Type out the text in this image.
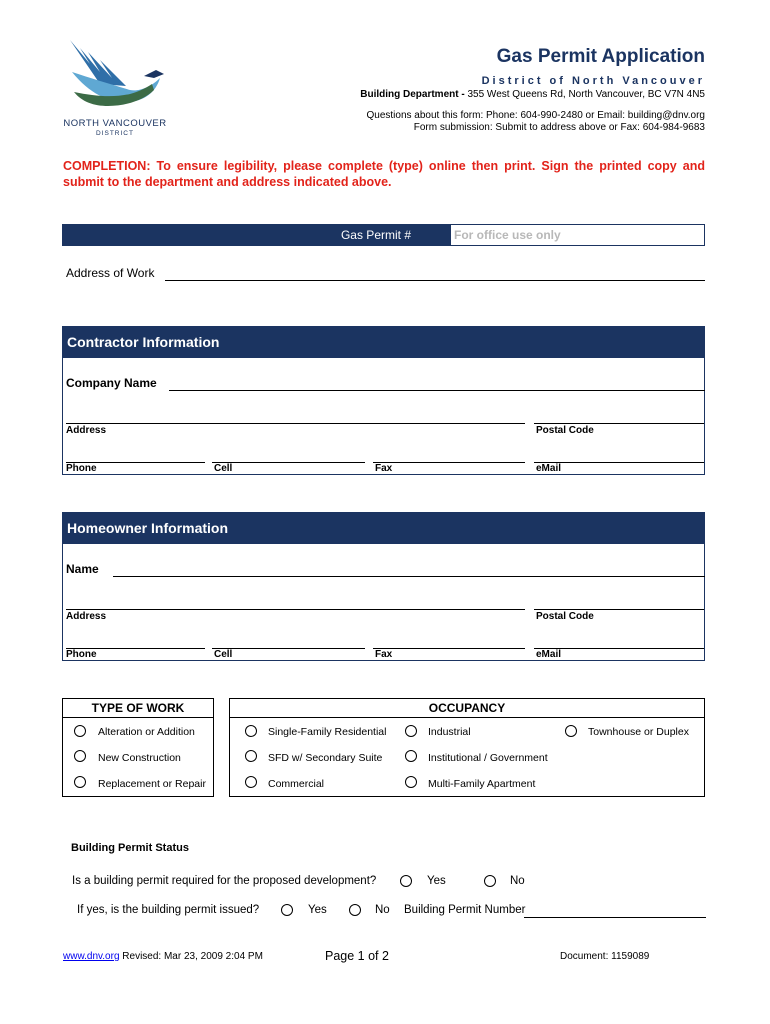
NORTH VANCOUVER
DISTRICT
Gas Permit Application
District of North Vancouver
Building Department - 355 West Queens Rd, North Vancouver, BC V7N 4N5
Questions about this form: Phone: 604-990-2480 or Email: building@dnv.org
Form submission: Submit to address above or Fax: 604-984-9683
COMPLETION: To ensure legibility, please complete (type) online then print. Sign the printed copy and submit to the department and address indicated above.
Gas Permit #	For office use only
Address of Work
Contractor Information
Company Name
Address	Postal Code
Phone	Cell	Fax	eMail
Homeowner Information
Name
Address	Postal Code
Phone	Cell	Fax	eMail
TYPE OF WORK
Alteration or Addition
New Construction
Replacement or Repair
OCCUPANCY
Single-Family Residential
SFD w/ Secondary Suite
Commercial
Industrial
Institutional / Government
Multi-Family Apartment
Townhouse or Duplex
Building Permit Status
Is a building permit required for the proposed development?	Yes	No
If yes, is the building permit issued?	Yes	No Building Permit Number
www.dnv.org Revised: Mar 23, 2009 2:04 PM	Page 1 of 2	Document: 1159089
